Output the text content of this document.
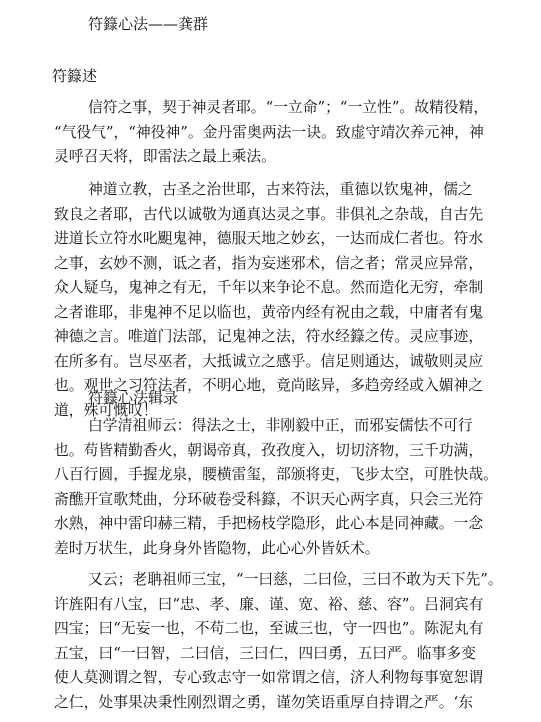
符籙心法——龚群
符籙述
信符之事，契于神灵者耶。“一立命”；“一立性”。故精役精，
“气役气”，“神役神”。金丹雷奥两法一诀。致虚守靖次养元神，神
灵呼召天将，即雷法之最上乘法。
神道立教，古圣之治世耶，古来符法，重德以钦鬼神，儒之
致良之者耶，古代以诚敬为通真达灵之事。非俱礼之杂哉，自古先
进道长立符水叱䫻鬼神，德服天地之妙玄，一达而成仁者也。符水
之事，玄妙不测，诋之者，指为妄迷邪术，信之者；常灵应异常，
众人疑乌，鬼神之有无，千年以来争论不息。然而造化无穷，牵制
之者谁耶，非鬼神不足以临也，黄帝内经有祝由之载，中庸者有鬼
神德之言。唯道门法部，记鬼神之法，符水经籙之传。灵应事迹，
在所多有。岂尽巫者，大抵诚立之感乎。信足则通达，诚敬则灵应
也。观世之习符法者，不明心地，竟尚眩异，多趋旁经或入媚神之
道，殊可慨叹！
符籙心法辑录
白学清祖师云：得法之士，非刚毅中正，而邪妄儒怯不可行
也。苟皆精勤香火，朝谒帝真，孜孜度入，切切济物，三千功满，
八百行圆，手握龙泉，腰横雷玺，部颁将吏，飞步太空，可胜快哉。
斋醮开宣歌梵曲，分环破卷受科籙，不识天心两字真，只会三光符
水熟，神中雷印赫三精，手把杨枝学隐形，此心本是同神藏。一念
差时万状生，此身身外皆隐物，此心心外皆妖术。
又云；老聃祖师三宝，“一曰慈，二曰俭，三曰不敢为天下先”。
许旌阳有八宝，曰“忠、孝、廉、谨、宽、裕、慈、容”。吕洞宾有
四宝；曰“无妄一也，不苟二也，至诚三也，守一四也”。陈泥丸有
五宝，曰“一曰智，二曰信，三曰仁，四曰勇，五曰严。临事多变
使人莫测谓之智，专心致志守一如常谓之信，济人利物每事宽恕谓
之仁，处事果决秉性刚烈谓之勇，谨勿笑语重厚自持谓之严。‘东
